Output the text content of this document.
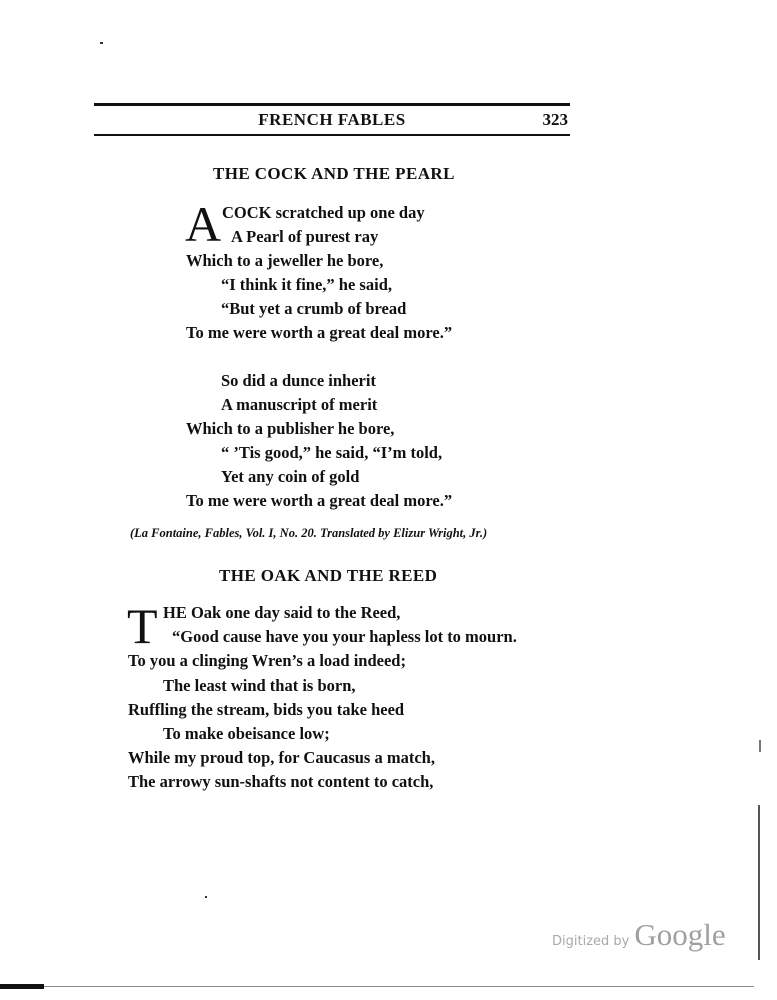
FRENCH FABLES	323
THE COCK AND THE PEARL
A COCK scratched up one day
A Pearl of purest ray
Which to a jeweller he bore,
“I think it fine,” he said,
“But yet a crumb of bread
To me were worth a great deal more.”
So did a dunce inherit
A manuscript of merit
Which to a publisher he bore,
“ ’Tis good,” he said, “I’m told,
Yet any coin of gold
To me were worth a great deal more.”
(La Fontaine, Fables, Vol. I, No. 20. Translated by Elizur Wright, Jr.)
THE OAK AND THE REED
T HE Oak one day said to the Reed,
“Good cause have you your hapless lot to mourn.
To you a clinging Wren’s a load indeed;
The least wind that is born,
Ruffling the stream, bids you take heed
To make obeisance low;
While my proud top, for Caucasus a match,
The arrowy sun-shafts not content to catch,
Digitized by Google
